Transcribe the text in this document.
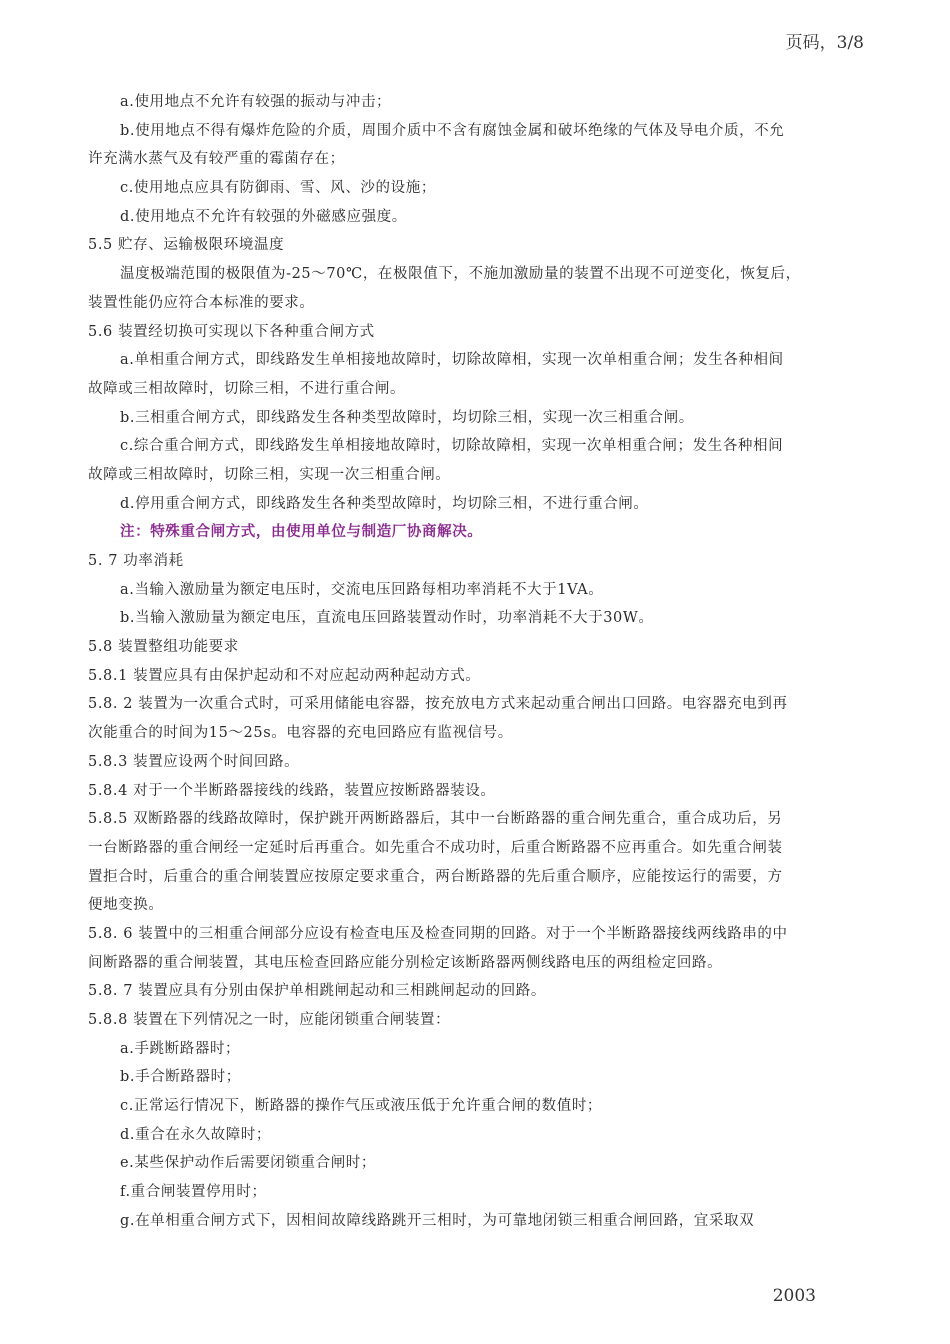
页码，3/8
a.使用地点不允许有较强的振动与冲击；
b.使用地点不得有爆炸危险的介质，周围介质中不含有腐蚀金属和破坏绝缘的气体及导电介质，不允
许充满水蒸气及有较严重的霉菌存在；
c.使用地点应具有防御雨、雪、风、沙的设施；
d.使用地点不允许有较强的外磁感应强度。
5.5 贮存、运输极限环境温度
温度极端范围的极限值为-25～70℃，在极限值下，不施加激励量的装置不出现不可逆变化，恢复后，
装置性能仍应符合本标准的要求。
5.6 装置经切换可实现以下各种重合闸方式
a.单相重合闸方式，即线路发生单相接地故障时，切除故障相，实现一次单相重合闸；发生各种相间
故障或三相故障时，切除三相，不进行重合闸。
b.三相重合闸方式，即线路发生各种类型故障时，均切除三相，实现一次三相重合闸。
c.综合重合闸方式，即线路发生单相接地故障时，切除故障相，实现一次单相重合闸；发生各种相间
故障或三相故障时，切除三相，实现一次三相重合闸。
d.停用重合闸方式，即线路发生各种类型故障时，均切除三相，不进行重合闸。
注：特殊重合闸方式，由使用单位与制造厂协商解决。
5. 7 功率消耗
a.当输入激励量为额定电压时，交流电压回路每相功率消耗不大于1VA。
b.当输入激励量为额定电压，直流电压回路装置动作时，功率消耗不大于30W。
5.8 装置整组功能要求
5.8.1 装置应具有由保护起动和不对应起动两种起动方式。
5.8. 2 装置为一次重合式时，可采用储能电容器，按充放电方式来起动重合闸出口回路。电容器充电到再
次能重合的时间为15～25s。电容器的充电回路应有监视信号。
5.8.3 装置应设两个时间回路。
5.8.4 对于一个半断路器接线的线路，装置应按断路器装设。
5.8.5 双断路器的线路故障时，保护跳开两断路器后，其中一台断路器的重合闸先重合，重合成功后，另
一台断路器的重合闸经一定延时后再重合。如先重合不成功时，后重合断路器不应再重合。如先重合闸装
置拒合时，后重合的重合闸装置应按原定要求重合，两台断路器的先后重合顺序，应能按运行的需要，方
便地变换。
5.8. 6 装置中的三相重合闸部分应设有检查电压及检查同期的回路。对于一个半断路器接线两线路串的中
间断路器的重合闸装置，其电压检查回路应能分别检定该断路器两侧线路电压的两组检定回路。
5.8. 7 装置应具有分别由保护单相跳闸起动和三相跳闸起动的回路。
5.8.8 装置在下列情况之一时，应能闭锁重合闸装置：
a.手跳断路器时；
b.手合断路器时；
c.正常运行情况下，断路器的操作气压或液压低于允许重合闸的数值时；
d.重合在永久故障时；
e.某些保护动作后需要闭锁重合闸时；
f.重合闸装置停用时；
g.在单相重合闸方式下，因相间故障线路跳开三相时，为可靠地闭锁三相重合闸回路，宜采取双
2003
